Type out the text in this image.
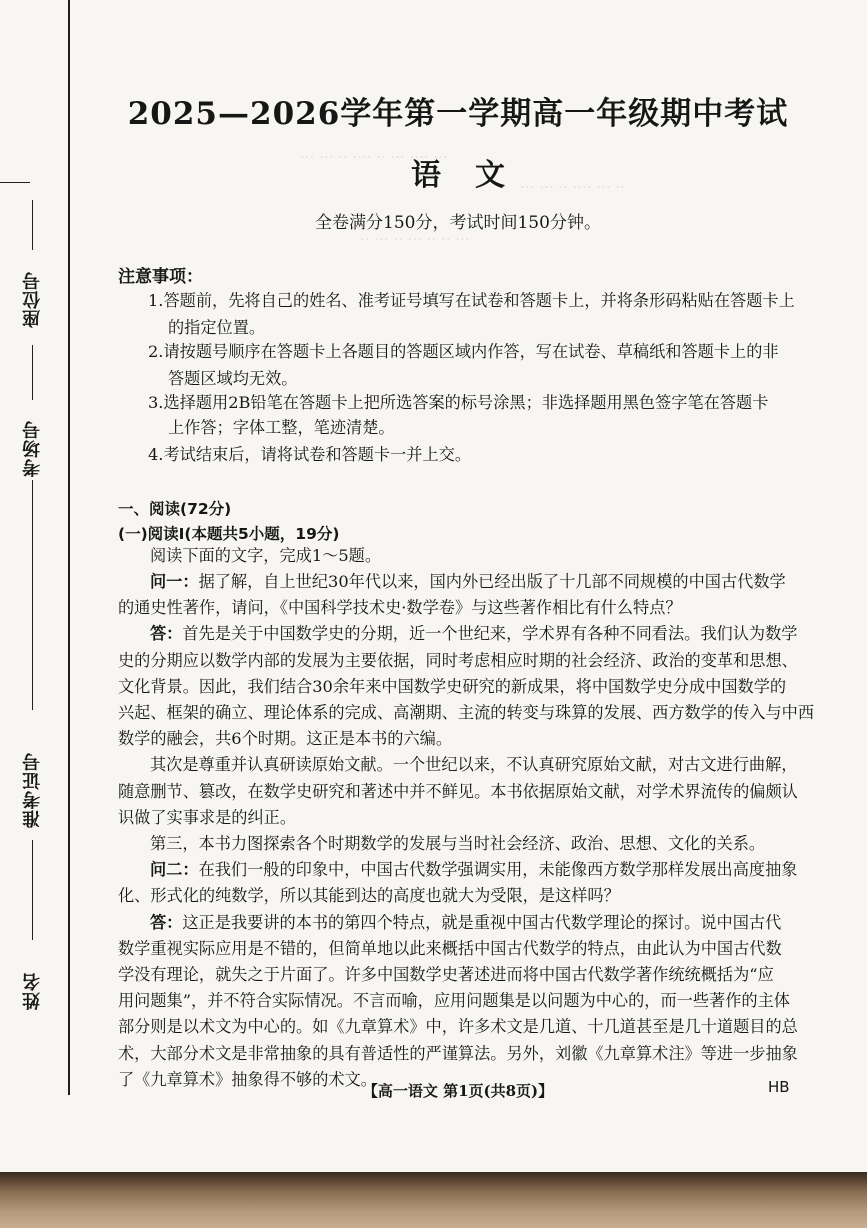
座位号
考场号
准考证号
姓名
2025—2026学年第一学期高一年级期中考试
语文
全卷满分150分，考试时间150分钟。
注意事项：
1.答题前，先将自己的姓名、准考证号填写在试卷和答题卡上，并将条形码粘贴在答题卡上
的指定位置。
2.请按题号顺序在答题卡上各题目的答题区域内作答，写在试卷、草稿纸和答题卡上的非
答题区域均无效。
3.选择题用2B铅笔在答题卡上把所选答案的标号涂黑；非选择题用黑色签字笔在答题卡
上作答；字体工整，笔迹清楚。
4.考试结束后，请将试卷和答题卡一并上交。
一、阅读(72分)
(一)阅读Ⅰ(本题共5小题，19分)
阅读下面的文字，完成1～5题。
问一：据了解，自上世纪30年代以来，国内外已经出版了十几部不同规模的中国古代数学
的通史性著作，请问，《中国科学技术史·数学卷》与这些著作相比有什么特点？
答：首先是关于中国数学史的分期，近一个世纪来，学术界有各种不同看法。我们认为数学
史的分期应以数学内部的发展为主要依据，同时考虑相应时期的社会经济、政治的变革和思想、
文化背景。因此，我们结合30余年来中国数学史研究的新成果，将中国数学史分成中国数学的
兴起、框架的确立、理论体系的完成、高潮期、主流的转变与珠算的发展、西方数学的传入与中西
数学的融会，共6个时期。这正是本书的六编。
其次是尊重并认真研读原始文献。一个世纪以来，不认真研究原始文献，对古文进行曲解，
随意删节、篡改，在数学史研究和著述中并不鲜见。本书依据原始文献，对学术界流传的偏颇认
识做了实事求是的纠正。
第三，本书力图探索各个时期数学的发展与当时社会经济、政治、思想、文化的关系。
问二：在我们一般的印象中，中国古代数学强调实用，未能像西方数学那样发展出高度抽象
化、形式化的纯数学，所以其能到达的高度也就大为受限，是这样吗？
答：这正是我要讲的本书的第四个特点，就是重视中国古代数学理论的探讨。说中国古代
数学重视实际应用是不错的，但简单地以此来概括中国古代数学的特点，由此认为中国古代数
学没有理论，就失之于片面了。许多中国数学史著述进而将中国古代数学著作统统概括为“应
用问题集”，并不符合实际情况。不言而喻，应用问题集是以问题为中心的，而一些著作的主体
部分则是以术文为中心的。如《九章算术》中，许多术文是几道、十几道甚至是几十道题目的总
术，大部分术文是非常抽象的具有普适性的严谨算法。另外，刘徽《九章算术注》等进一步抽象
了《九章算术》抽象得不够的术文。
【高一语文 第1页(共8页)】	HB
